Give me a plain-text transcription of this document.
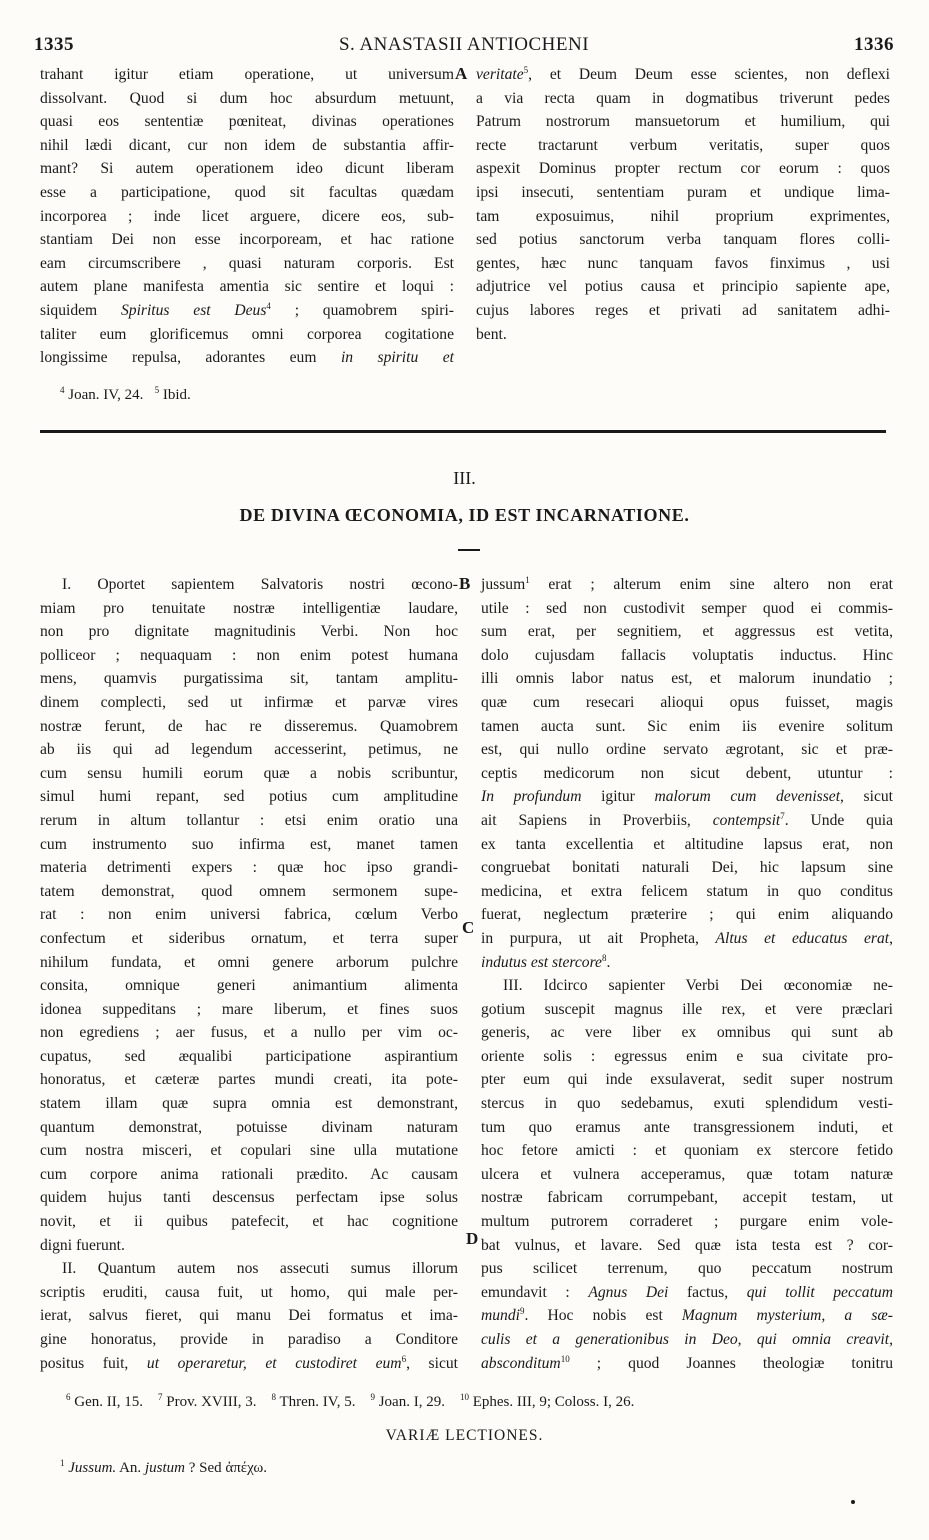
1335	S. ANASTASII ANTIOCHENI	1336
trahant igitur etiam operatione, ut universum
dissolvant. Quod si dum hoc absurdum metuunt,
quasi eos sententiæ pœniteat, divinas operationes
nihil lædi dicant, cur non idem de substantia affir-
mant? Si autem operationem ideo dicunt liberam
esse a participatione, quod sit facultas quædam
incorporea ; inde licet arguere, dicere eos, sub-
stantiam Dei non esse incorpoream, et hac ratione
eam circumscribere , quasi naturam corporis. Est
autem plane manifesta amentia sic sentire et loqui :
siquidem Spiritus est Deus$^4$ ; quamobrem spiri-
taliter eum glorificemus omni corporea cogitatione
longissime repulsa, adorantes eum in spiritu et
A veritate$^5$, et Deum Deum esse scientes, non deflexi
a via recta quam in dogmatibus triverunt pedes
Patrum nostrorum mansuetorum et humilium, qui
recte tractarunt verbum veritatis, super quos
aspexit Dominus propter rectum cor eorum : quos
ipsi insecuti, sententiam puram et undique lima-
tam exposuimus, nihil proprium exprimentes,
sed potius sanctorum verba tanquam flores colli-
gentes, hæc nunc tanquam favos finximus , usi
adjutrice vel potius causa et principio sapiente ape,
cujus labores reges et privati ad sanitatem adhi-
bent.
$^4$ Joan. IV, 24. $^5$ Ibid.
III.
DE DIVINA ŒCONOMIA, ID EST INCARNATIONE.
I. Oportet sapientem Salvatoris nostri œcono-
miam pro tenuitate nostræ intelligentiæ laudare,
non pro dignitate magnitudinis Verbi. Non hoc
polliceor ; nequaquam : non enim potest humana
mens, quamvis purgatissima sit, tantam amplitu-
dinem complecti, sed ut infirmæ et parvæ vires
nostræ ferunt, de hac re disseremus. Quamobrem
ab iis qui ad legendum accesserint, petimus, ne
cum sensu humili eorum quæ a nobis scribuntur,
simul humi repant, sed potius cum amplitudine
rerum in altum tollantur : etsi enim oratio una
cum instrumento suo infirma est, manet tamen
materia detrimenti expers : quæ hoc ipso grandi-
tatem demonstrat, quod omnem sermonem supe-
rat : non enim universi fabrica, cœlum Verbo
confectum et sideribus ornatum, et terra super
nihilum fundata, et omni genere arborum pulchre
consita, omnique generi animantium alimenta
idonea suppeditans ; mare liberum, et fines suos
non egrediens ; aer fusus, et a nullo per vim oc-
cupatus, sed æqualibi participatione aspirantium
honoratus, et cæteræ partes mundi creati, ita pote-
statem illam quæ supra omnia est demonstrant,
quantum demonstrat, potuisse divinam naturam
cum nostra misceri, et copulari sine ulla mutatione
cum corpore anima rationali prædito. Ac causam
quidem hujus tanti descensus perfectam ipse solus
novit, et ii quibus patefecit, et hac cognitione
digni fuerunt.
II. Quantum autem nos assecuti sumus illorum
scriptis eruditi, causa fuit, ut homo, qui male per-
ierat, salvus fieret, qui manu Dei formatus et ima-
gine honoratus, provide in paradiso a Conditore
positus fuit, ut operaretur, et custodiret eum$^6$, sicut
B
C
D
jussum$^1$ erat ; alterum enim sine altero non erat
utile : sed non custodivit semper quod ei commis-
sum erat, per segnitiem, et aggressus est vetita,
dolo cujusdam fallacis voluptatis inductus. Hinc
illi omnis labor natus est, et malorum inundatio ;
quæ cum resecari alioqui opus fuisset, magis
tamen aucta sunt. Sic enim iis evenire solitum
est, qui nullo ordine servato ægrotant, sic et præ-
ceptis medicorum non sicut debent, utuntur :
In profundum igitur malorum cum devenisset, sicut
ait Sapiens in Proverbiis, contempsit$^7$. Unde quia
ex tanta excellentia et altitudine lapsus erat, non
congruebat bonitati naturali Dei, hic lapsum sine
medicina, et extra felicem statum in quo conditus
fuerat, neglectum præterire ; qui enim aliquando
in purpura, ut ait Propheta, Altus et educatus erat,
indutus est stercore$^8$.
III. Idcirco sapienter Verbi Dei œconomiæ ne-
gotium suscepit magnus ille rex, et vere præclari
generis, ac vere liber ex omnibus qui sunt ab
oriente solis : egressus enim e sua civitate pro-
pter eum qui inde exsulaverat, sedit super nostrum
stercus in quo sedebamus, exuti splendidum vesti-
tum quo eramus ante transgressionem induti, et
hoc fetore amicti : et quoniam ex stercore fetido
ulcera et vulnera acceperamus, quæ totam naturæ
nostræ fabricam corrumpebant, accepit testam, ut
multum putrorem corraderet ; purgare enim vole-
bat vulnus, et lavare. Sed quæ ista testa est ? cor-
pus scilicet terrenum, quo peccatum nostrum
emundavit : Agnus Dei factus, qui tollit peccatum
mundi$^9$. Hoc nobis est Magnum mysterium, a sæ-
culis et a generationibus in Deo, qui omnia creavit,
absconditum$^{10}$ ; quod Joannes theologiæ tonitru
$^6$ Gen. II, 15. $^7$ Prov. XVIII, 3. $^8$ Thren. IV, 5. $^9$ Joan. I, 29. $^{10}$ Ephes. III, 9; Coloss. I, 26.
VARIÆ LECTIONES.
$^1$ Jussum. An. justum ? Sed ἀπέχω.
